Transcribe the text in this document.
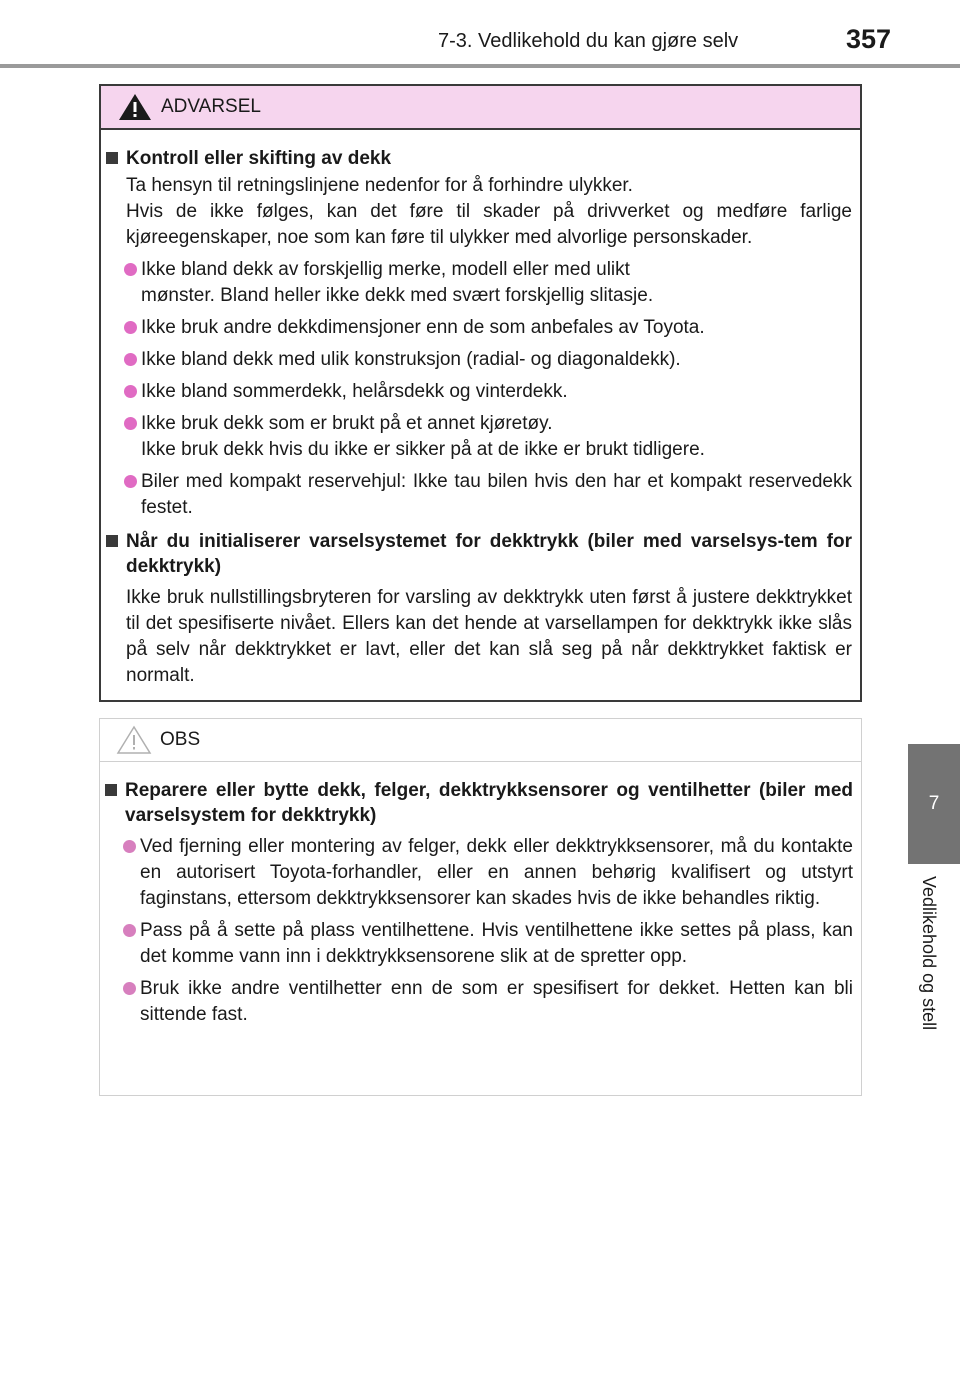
7-3. Vedlikehold du kan gjøre selv	357
7
Vedlikehold og stell
ADVARSEL
Kontroll eller skifting av dekk
Ta hensyn til retningslinjene nedenfor for å forhindre ulykker.
Hvis de ikke følges, kan det føre til skader på drivverket og medføre farlige kjøreegenskaper, noe som kan føre til ulykker med alvorlige personskader.
Ikke bland dekk av forskjellig merke, modell eller med ulikt
mønster. Bland heller ikke dekk med svært forskjellig slitasje.
Ikke bruk andre dekkdimensjoner enn de som anbefales av Toyota.
Ikke bland dekk med ulik konstruksjon (radial- og diagonaldekk).
Ikke bland sommerdekk, helårsdekk og vinterdekk.
Ikke bruk dekk som er brukt på et annet kjøretøy.
Ikke bruk dekk hvis du ikke er sikker på at de ikke er brukt tidligere.
Biler med kompakt reservehjul: Ikke tau bilen hvis den har et kompakt reservedekk festet.
Når du initialiserer varselsystemet for dekktrykk (biler med varselsys-tem for dekktrykk)
Ikke bruk nullstillingsbryteren for varsling av dekktrykk uten først å justere dekktrykket til det spesifiserte nivået. Ellers kan det hende at varsellampen for dekktrykk ikke slås på selv når dekktrykket er lavt, eller det kan slå seg på når dekktrykket faktisk er normalt.
OBS
Reparere eller bytte dekk, felger, dekktrykksensorer og ventilhetter (biler med varselsystem for dekktrykk)
Ved fjerning eller montering av felger, dekk eller dekktrykksensorer, må du kontakte en autorisert Toyota-forhandler, eller en annen behørig kvalifisert og utstyrt faginstans, ettersom dekktrykksensorer kan skades hvis de ikke behandles riktig.
Pass på å sette på plass ventilhettene. Hvis ventilhettene ikke settes på plass, kan det komme vann inn i dekktrykksensorene slik at de spretter opp.
Bruk ikke andre ventilhetter enn de som er spesifisert for dekket. Hetten kan bli sittende fast.
